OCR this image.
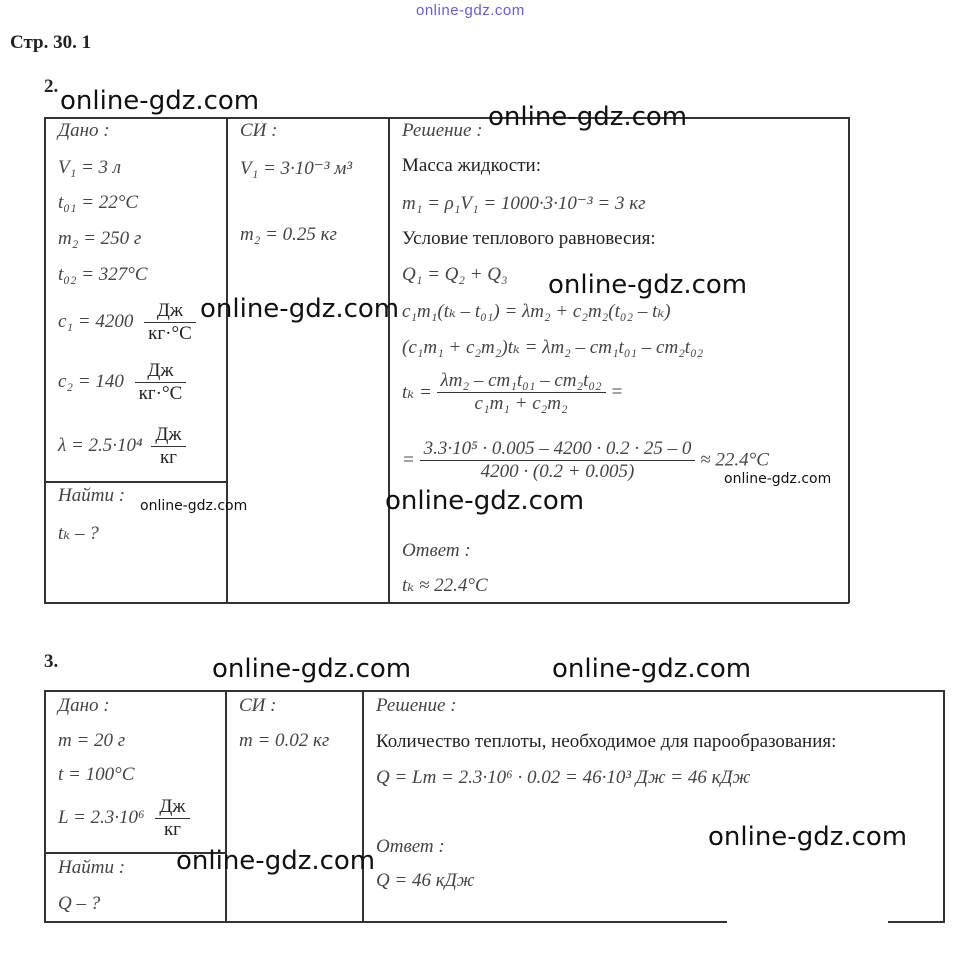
online-gdz.com
Стр. 30. 1
2.
Дано :
V₁ = 3 л
t₀₁ = 22°C
m₂ = 250 г
t₀₂ = 327°C
$c_1 = 4200 \frac{Дж}{кг\cdot^\circ C}$
$c_2 = 140 \frac{Дж}{кг\cdot^\circ C}$
$\lambda = 2.5\cdot 10^4 \frac{Дж}{кг}$
Найти :
tₖ – ?
СИ :
V₁ = 3·10⁻³ м³
m₂ = 0.25 кг
Решение :
Масса жидкости:
m₁ = ρ₁V₁ = 1000·3·10⁻³ = 3 кг
Условие теплового равновесия:
Q₁ = Q₂ + Q₃
c₁m₁(tₖ – t₀₁) = λm₂ + c₂m₂(t₀₂ – tₖ)
(c₁m₁ + c₂m₂)tₖ = λm₂ – cm₁t₀₁ – cm₂t₀₂
$t_k = \frac{\text{λm₂ – cm₁t₀₁ – cm₂t₀₂}}{\text{c₁m₁ + c₂m₂}}$ =
= $\frac{\text{3.3·10⁵ · 0.005 – 4200 · 0.2 · 25 – 0}}{4200 \cdot (0.2 + 0.005)} \approx 22.4^\circ C$
Ответ :
tₖ ≈ 22.4°C
3.
Дано :
m = 20 г
t = 100°C
$L = 2.3\cdot 10^6 \frac{Дж}{кг}$
Найти :
Q – ?
СИ :
m = 0.02 кг
Решение :
Количество теплоты, необходимое для парообразования:
Q = Lm = 2.3·10⁶ · 0.02 = 46·10³ Дж = 46 кДж
Ответ :
Q = 46 кДж
online-gdz.com
online-gdz.com
online-gdz.com
online-gdz.com
online-gdz.com
online-gdz.com
online-gdz.com
online-gdz.com	online-gdz.com
online-gdz.com
online-gdz.com
